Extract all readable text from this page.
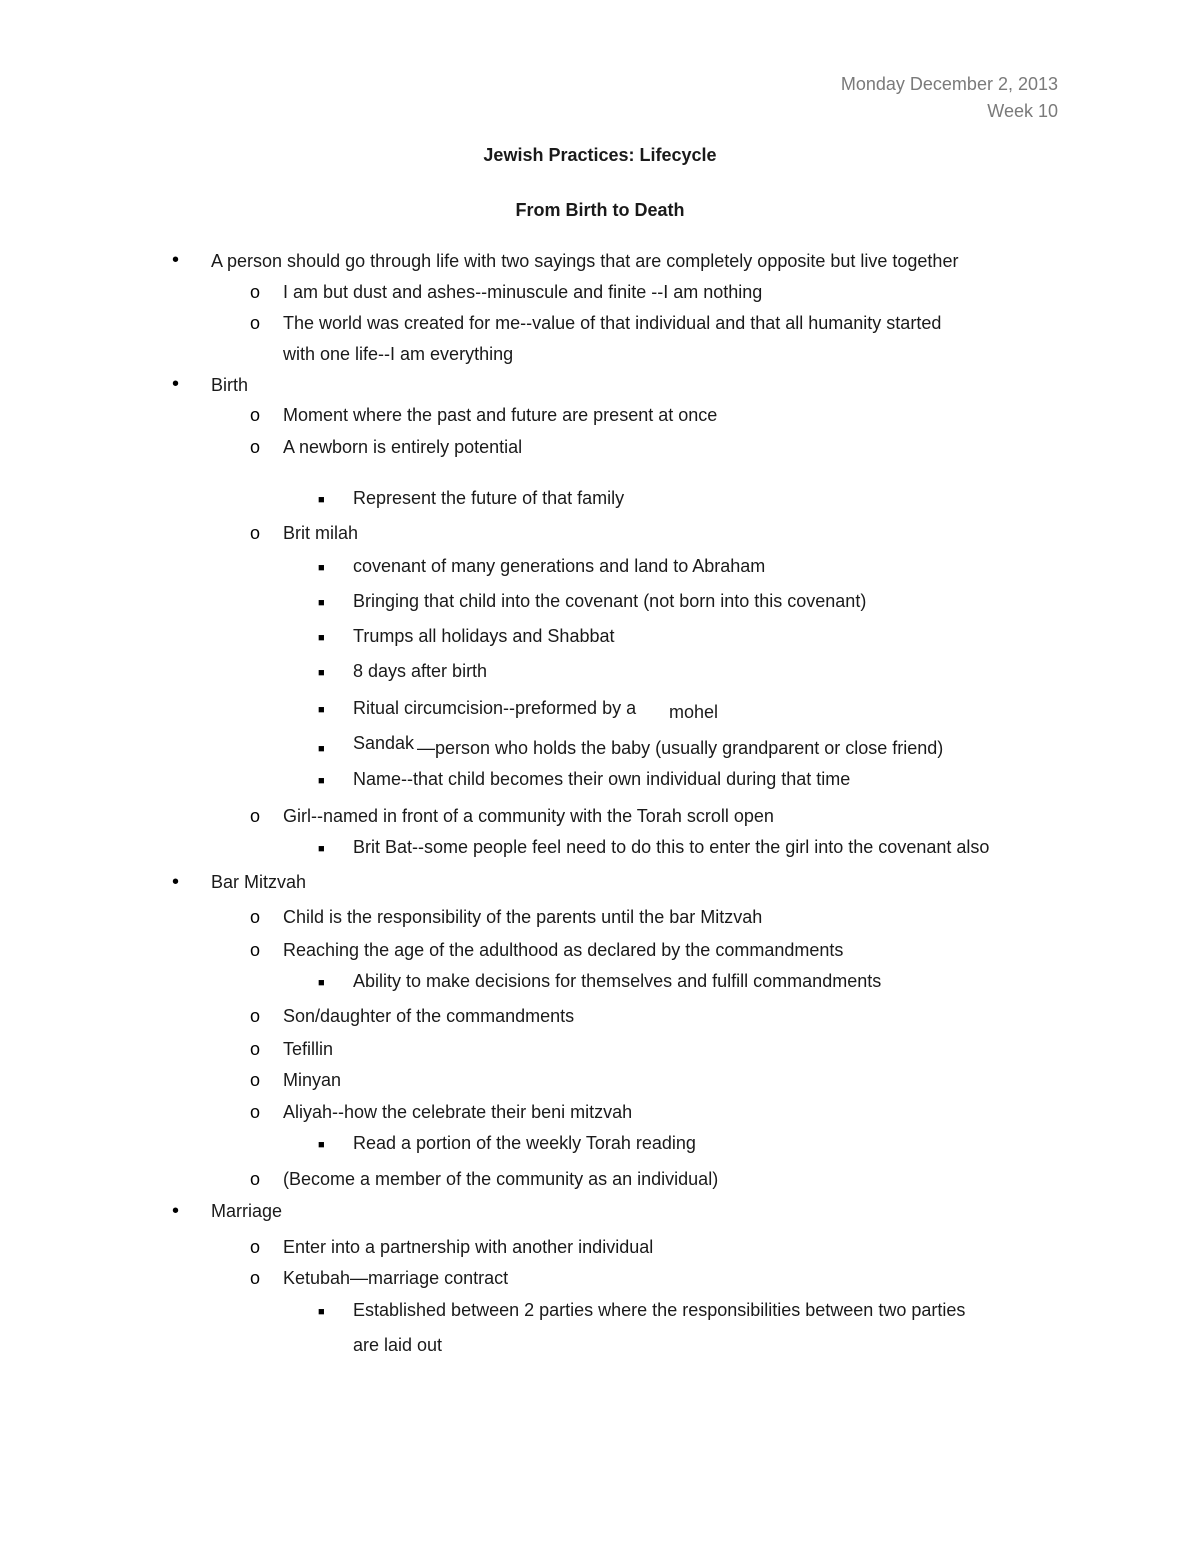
Monday December 2, 2013
Week 10
Jewish Practices: Lifecycle
From Birth to Death
• A person should go through life with two sayings that are completely opposite but live together
o I am but dust and ashes--minuscule and finite --I am nothing
o The world was created for me--value of that individual and that all humanity started
with one life--I am everything
• Birth
o Moment where the past and future are present at once
o A newborn is entirely potential
■ Represent the future of that family
o Brit milah
■ covenant of many generations and land to Abraham
■ Bringing that child into the covenant (not born into this covenant)
■ Trumps all holidays and Shabbat
■ 8 days after birth
■ Ritual circumcision--preformed by a mohel
■ Sandak —person who holds the baby (usually grandparent or close friend)
■ Name--that child becomes their own individual during that time
o Girl--named in front of a community with the Torah scroll open
■ Brit Bat--some people feel need to do this to enter the girl into the covenant also
• Bar Mitzvah
o Child is the responsibility of the parents until the bar Mitzvah
o Reaching the age of the adulthood as declared by the commandments
■ Ability to make decisions for themselves and fulfill commandments
o Son/daughter of the commandments
o Tefillin
o Minyan
o Aliyah--how the celebrate their beni mitzvah
■ Read a portion of the weekly Torah reading
o (Become a member of the community as an individual)
• Marriage
o Enter into a partnership with another individual
o Ketubah—marriage contract
■ Established between 2 parties where the responsibilities between two parties
are laid out
